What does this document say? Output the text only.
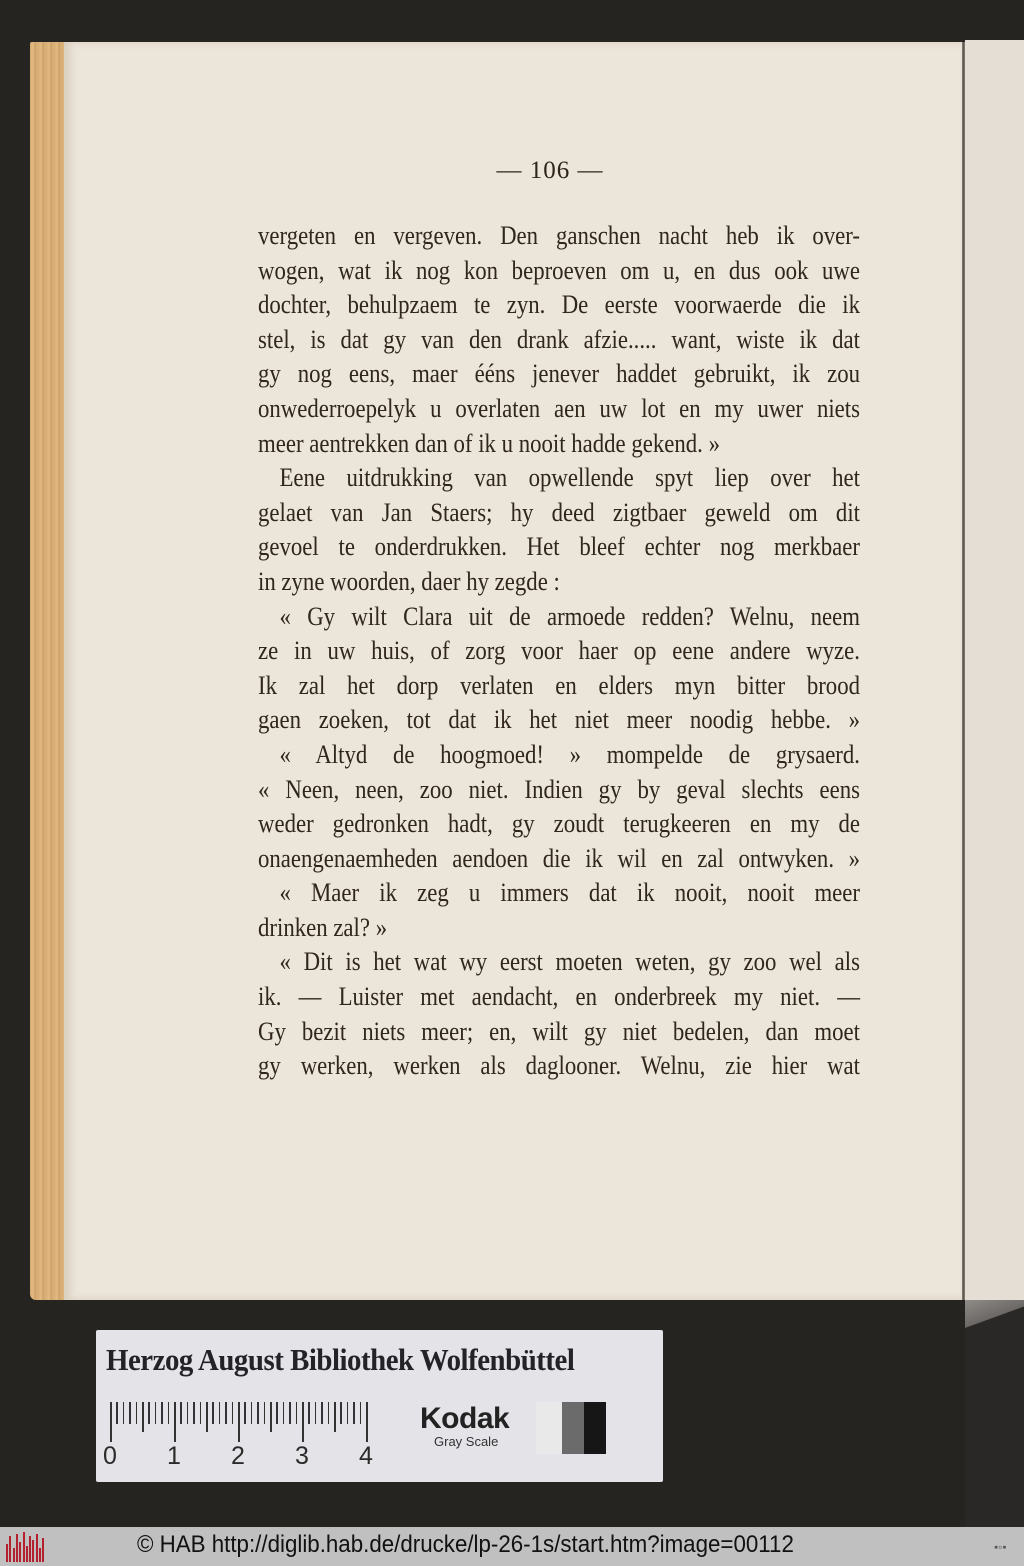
— 106 —
vergeten en vergeven. Den ganschen nacht heb ik over-
wogen, wat ik nog kon beproeven om u, en dus ook uwe
dochter, behulpzaem te zyn. De eerste voorwaerde die ik
stel, is dat gy van den drank afzie..... want, wiste ik dat
gy nog eens, maer ééns jenever haddet gebruikt, ik zou
onwederroepelyk u overlaten aen uw lot en my uwer niets
meer aentrekken dan of ik u nooit hadde gekend. »
Eene uitdrukking van opwellende spyt liep over het
gelaet van Jan Staers; hy deed zigtbaer geweld om dit
gevoel te onderdrukken. Het bleef echter nog merkbaer
in zyne woorden, daer hy zegde :
« Gy wilt Clara uit de armoede redden? Welnu, neem
ze in uw huis, of zorg voor haer op eene andere wyze.
Ik zal het dorp verlaten en elders myn bitter brood
gaen zoeken, tot dat ik het niet meer noodig hebbe. »
« Altyd de hoogmoed! » mompelde de grysaerd.
« Neen, neen, zoo niet. Indien gy by geval slechts eens
weder gedronken hadt, gy zoudt terugkeeren en my de
onaengenaemheden aendoen die ik wil en zal ontwyken. »
« Maer ik zeg u immers dat ik nooit, nooit meer
drinken zal? »
« Dit is het wat wy eerst moeten weten, gy zoo wel als
ik. — Luister met aendacht, en onderbreek my niet. —
Gy bezit niets meer; en, wilt gy niet bedelen, dan moet
gy werken, werken als daglooner. Welnu, zie hier wat
Herzog August Bibliothek Wolfenbüttel
0 1 2 3 4
Kodak
Gray Scale
© HAB http://diglib.hab.de/drucke/lp-26-1s/start.htm?image=00112	▪▫▪
